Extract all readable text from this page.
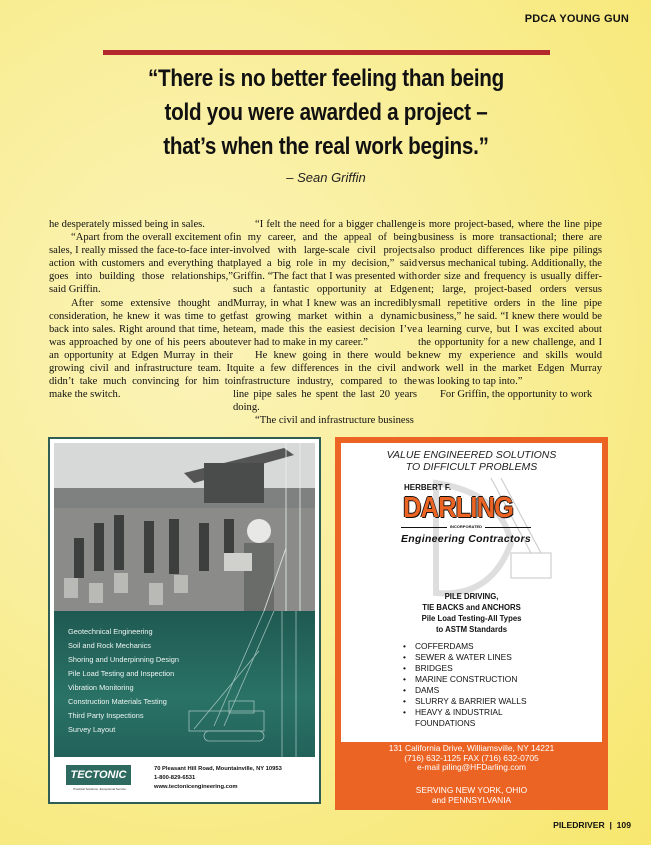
PDCA YOUNG GUN
“There is no better feeling than being
told you were awarded a project –
that’s when the real work begins.”
– Sean Griffin

he desperately missed being in sales.

“Apart from the overall excitement of sales, I really missed the face-to-face interaction with customers and everything that goes into building those relationships,” said Griffin.

After some extensive thought and consideration, he knew it was time to get back into sales. Right around that time, he was approached by one of his peers about an opportunity at Edgen Murray in their growing civil and infrastructure team. It didn’t take much convincing for him to make the switch.

“I felt the need for a bigger challenge in my career, and the appeal of being involved with large-scale civil projects played a big role in my decision,” said Griffin. “The fact that I was presented with such a fantastic opportunity at Edgen Murray, in what I knew was an incredibly fast growing market within a dynamic team, made this the easiest decision I’ve ever had to make in my career.”

He knew going in there would be quite a few differences in the civil and infrastructure industry, compared to the line pipe sales he spent the last 20 years doing.

“The civil and infrastructure business

is more project-based, where the line pipe business is more transactional; there are also product differences like pipe pilings versus mechanical tubing. Additionally, the order size and frequency is usually different; large, project-based orders versus small repetitive orders in the line pipe business,” he said. “I knew there would be a learning curve, but I was excited about the opportunity for a new challenge, and I knew my experience and skills would work well in the market Edgen Murray was looking to tap into.”

For Griffin, the opportunity to work

Geotechnical Engineering
Soil and Rock Mechanics
Shoring and Underpinning Design
Pile Load Testing and Inspection
Vibration Monitoring
Construction Materials Testing
Third Party Inspections
Survey Layout
TECTONIC
Practical Solutions. Exceptional Service.
70 Pleasant Hill Road, Mountainville, NY 10953
1-800-829-6531
www.tectonicengineering.com
VALUE ENGINEERED SOLUTIONS
TO DIFFICULT PROBLEMS
HERBERT F.
DARLING
INCORPORATED
Engineering Contractors
PILE DRIVING,
TIE BACKS and ANCHORS
Pile Load Testing-All Types
to ASTM Standards
• COFFERDAMS
• SEWER & WATER LINES
• BRIDGES
• MARINE CONSTRUCTION
• DAMS
• SLURRY & BARRIER WALLS
• HEAVY & INDUSTRIAL FOUNDATIONS
131 California Drive, Williamsville, NY 14221
(716) 632-1125 FAX (716) 632-0705
e-mail piling@HFDarling.com
SERVING NEW YORK, OHIO
and PENNSYLVANIA
PILEDRIVER  |  109
